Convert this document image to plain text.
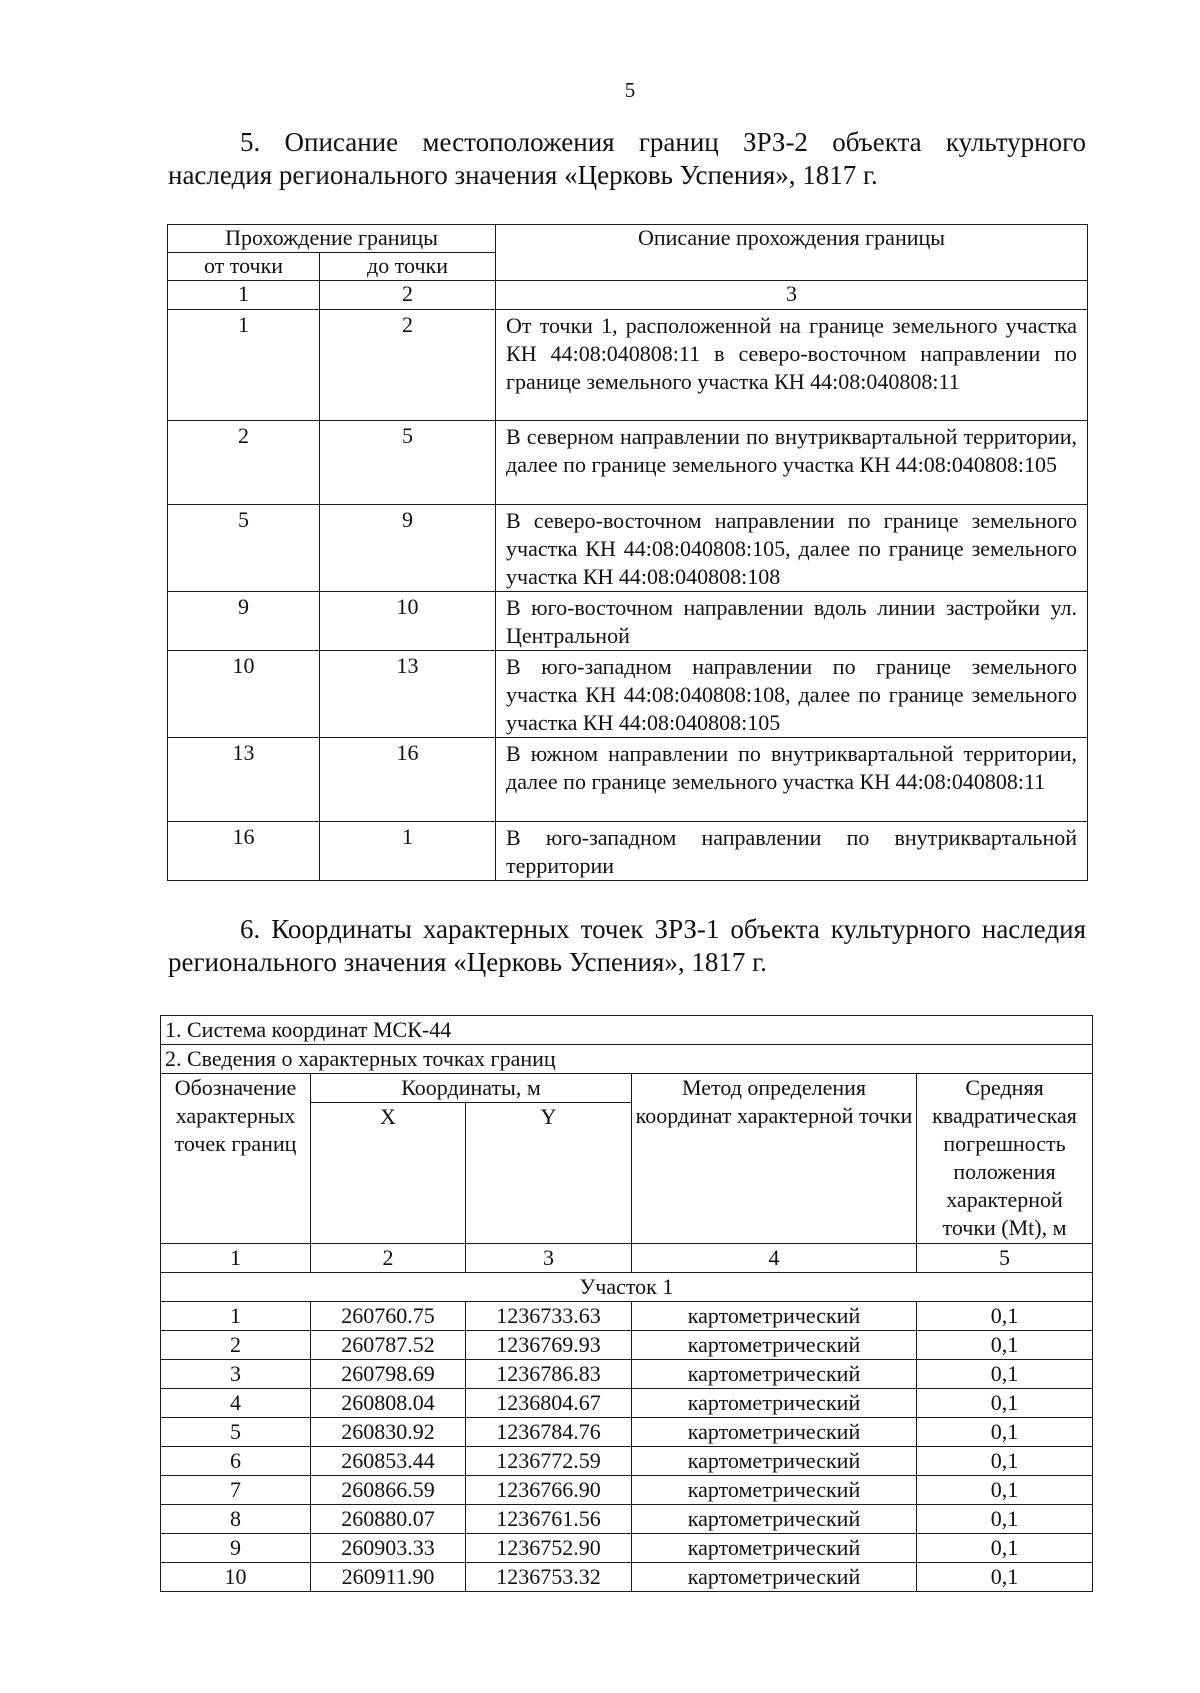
5
5. Описание местоположения границ ЗРЗ-2 объекта культурного наследия регионального значения «Церковь Успения», 1817 г.
Прохождение границы		Описание прохождения границы
от точки	до точки	
1	2	3
1	2	От точки 1, расположенной на границе земельного участка КН 44:08:040808:11 в северо-восточном направлении по границе земельного участка КН 44:08:040808:11

2	5	В северном направлении по внутриквартальной территории, далее по границе земельного участка КН 44:08:040808:105

5	9	В северо-восточном направлении по границе земельного участка КН 44:08:040808:105, далее по границе земельного участка КН 44:08:040808:108

9	10	В юго-восточном направлении вдоль линии застройки ул. Центральной

10	13	В юго-западном направлении по границе земельного участка КН 44:08:040808:108, далее по границе земельного участка КН 44:08:040808:105

13	16	В южном направлении по внутриквартальной территории, далее по границе земельного участка КН 44:08:040808:11

16	1	В юго-западном направлении по внутриквартальной территории
6. Координаты характерных точек ЗРЗ-1 объекта культурного наследия регионального значения «Церковь Успения», 1817 г.
1. Система координат МСК-44				
2. Сведения о характерных точках границ				
Обозначение характерных точек границ	Координаты, м		Метод определения координат характерной точки	Средняя квадратическая погрешность положения характерной точки (Mt), м
	X	Y		
1	2	3	4	5
Участок 1				
1	260760.75	1236733.63	картометрический	0,1
2	260787.52	1236769.93	картометрический	0,1
3	260798.69	1236786.83	картометрический	0,1
4	260808.04	1236804.67	картометрический	0,1
5	260830.92	1236784.76	картометрический	0,1
6	260853.44	1236772.59	картометрический	0,1
7	260866.59	1236766.90	картометрический	0,1
8	260880.07	1236761.56	картометрический	0,1
9	260903.33	1236752.90	картометрический	0,1
10	260911.90	1236753.32	картометрический	0,1
